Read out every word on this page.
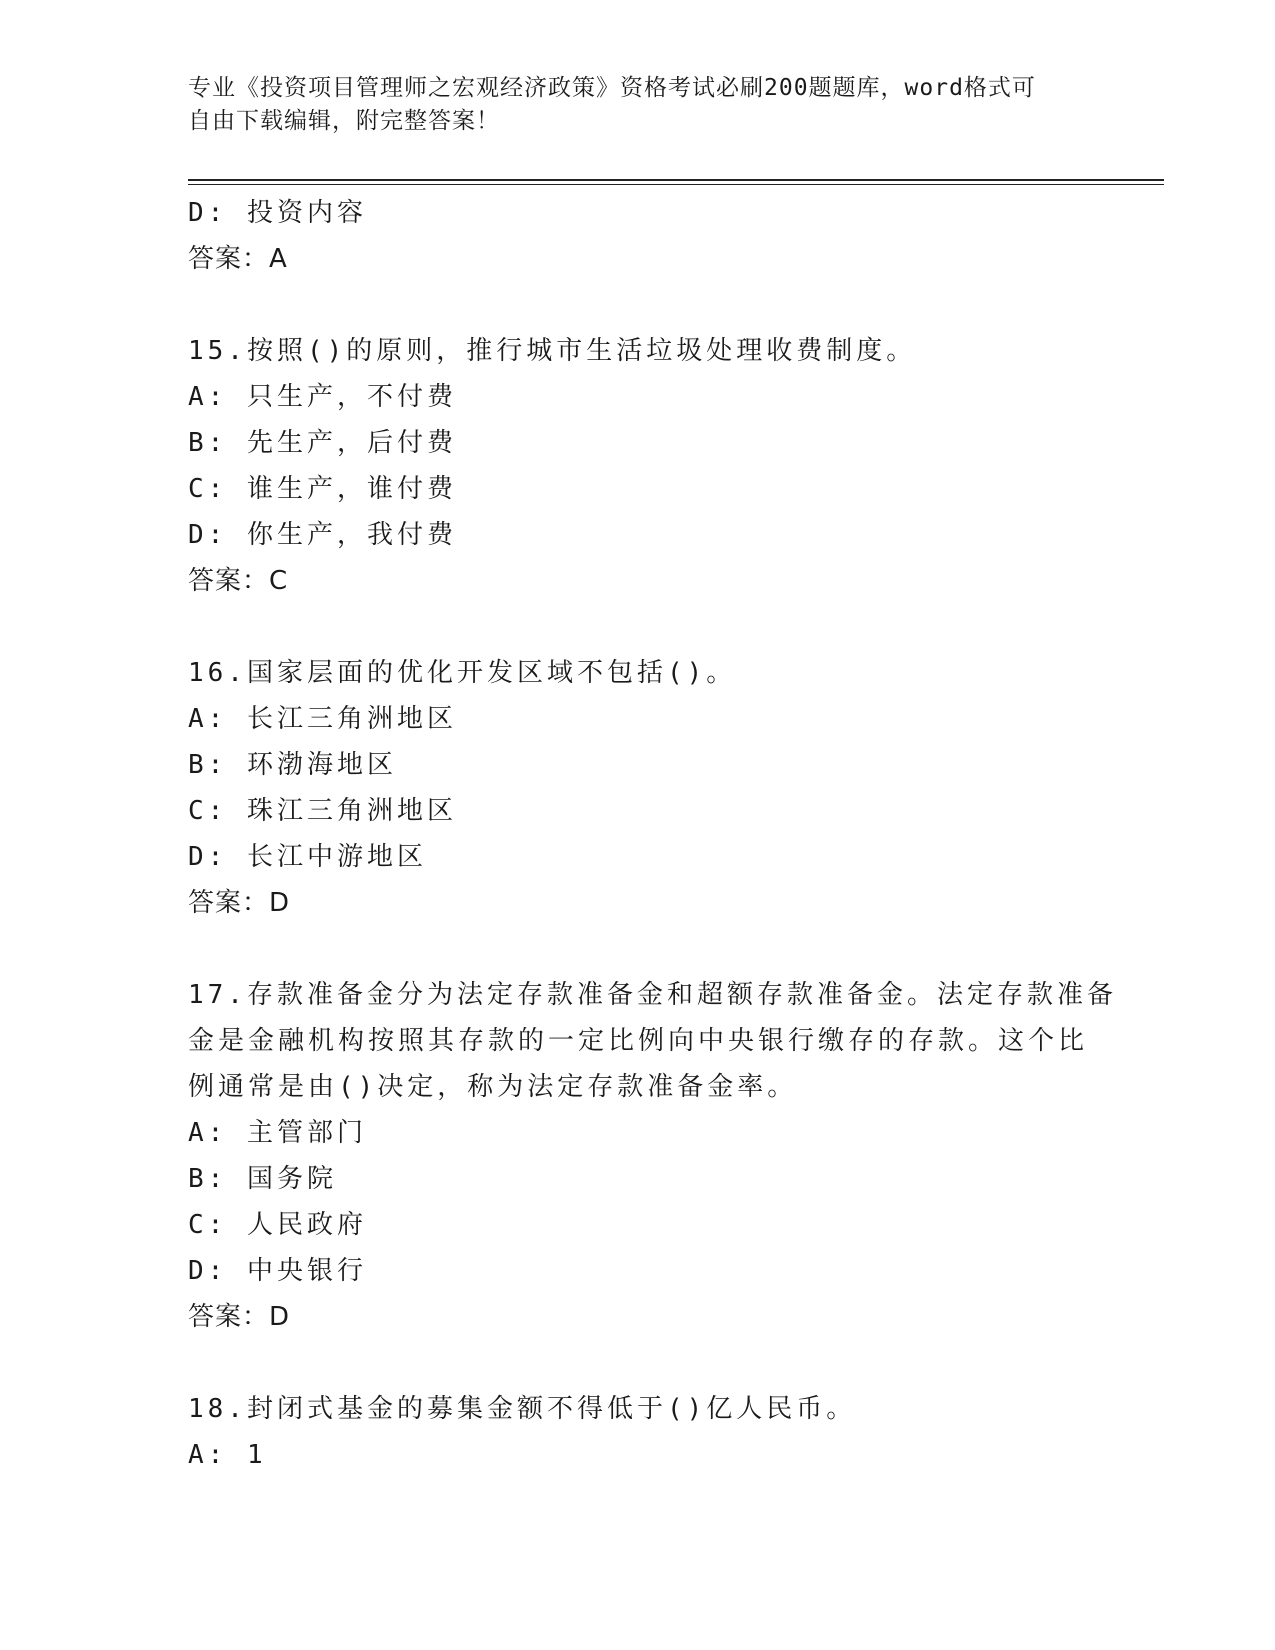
专业《投资项目管理师之宏观经济政策》资格考试必刷200题题库，word格式可
自由下载编辑，附完整答案！
D: 投资内容
答案：A
15.按照()的原则，推行城市生活垃圾处理收费制度。
A: 只生产，不付费
B: 先生产，后付费
C: 谁生产，谁付费
D: 你生产，我付费
答案：C
16.国家层面的优化开发区域不包括()。
A: 长江三角洲地区
B: 环渤海地区
C: 珠江三角洲地区
D: 长江中游地区
答案：D
17.存款准备金分为法定存款准备金和超额存款准备金。法定存款准备
金是金融机构按照其存款的一定比例向中央银行缴存的存款。这个比
例通常是由()决定，称为法定存款准备金率。
A: 主管部门
B: 国务院
C: 人民政府
D: 中央银行
答案：D
18.封闭式基金的募集金额不得低于()亿人民币。
A: 1
